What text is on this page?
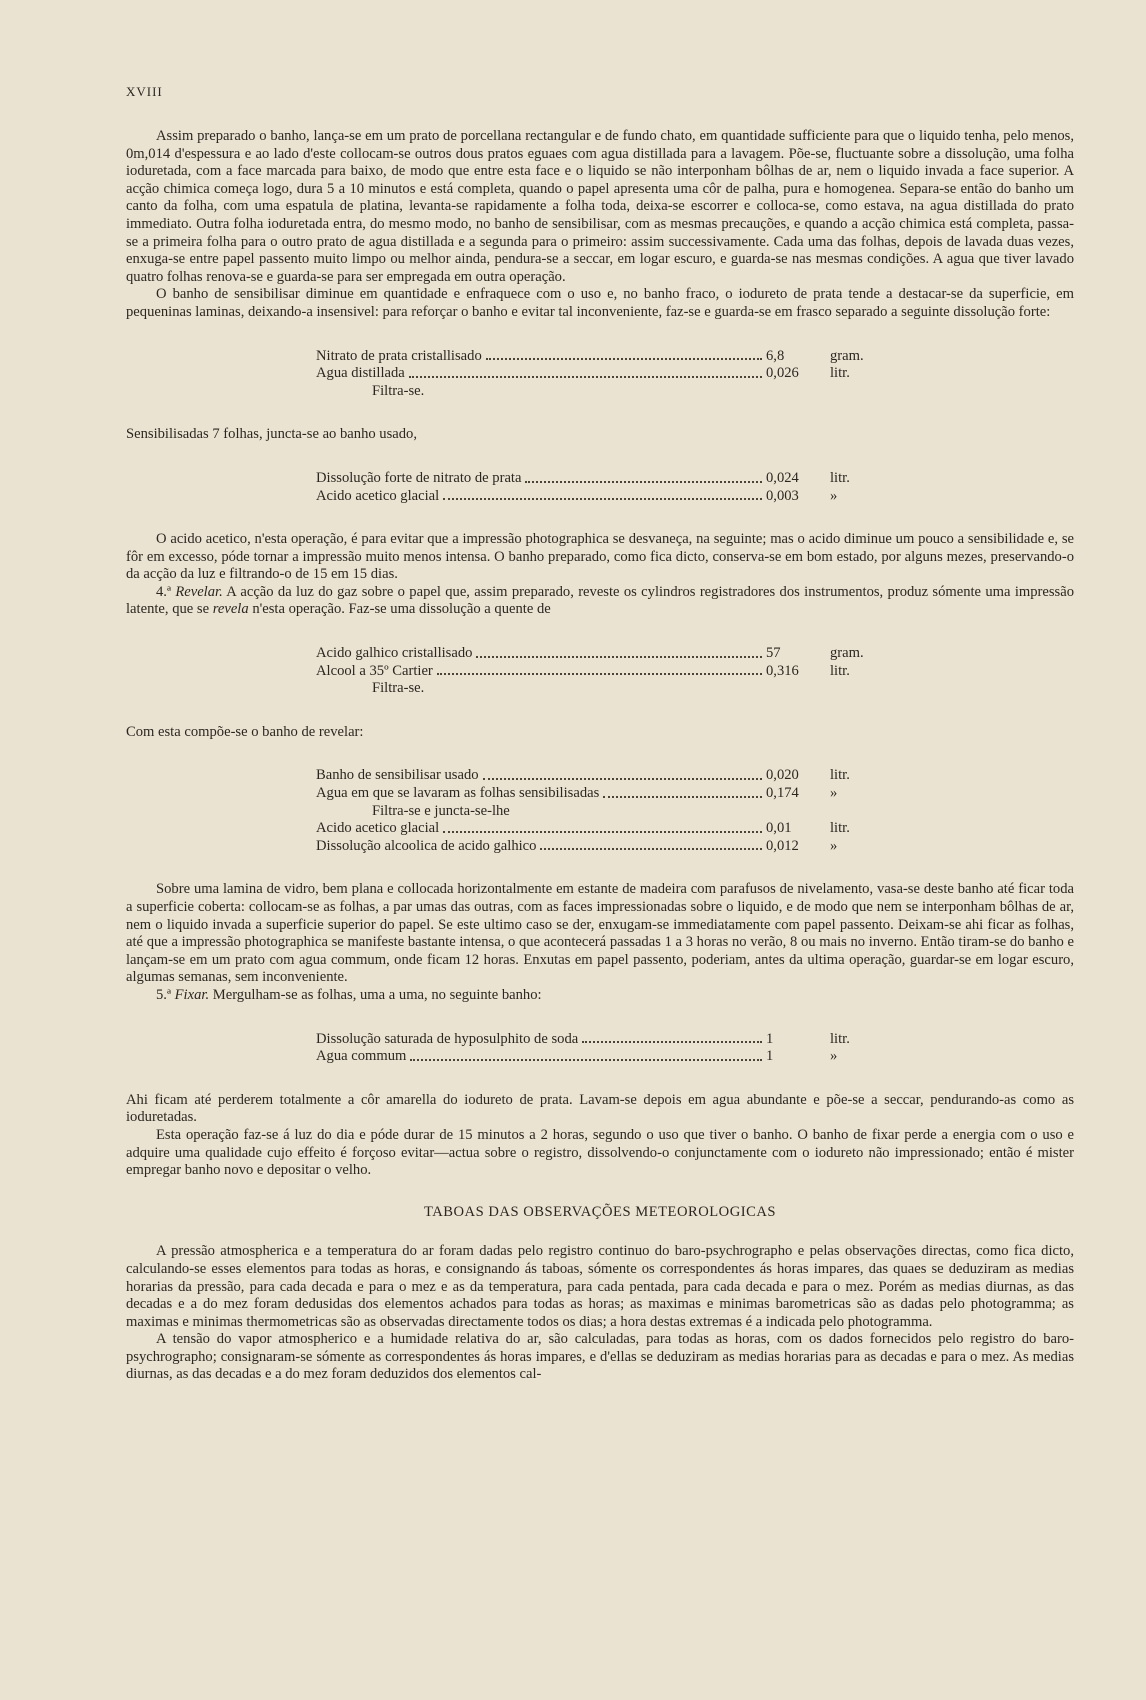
XVIII

Assim preparado o banho, lança-se em um prato de porcellana rectangular e de fundo chato, em quantidade sufficiente para que o liquido tenha, pelo menos, 0m,014 d'espessura e ao lado d'este collocam-se outros dous pratos eguaes com agua distillada para a lavagem. Põe-se, fluctuante sobre a dissolução, uma folha ioduretada, com a face marcada para baixo, de modo que entre esta face e o liquido se não interponham bôlhas de ar, nem o liquido invada a face superior. A acção chimica começa logo, dura 5 a 10 minutos e está completa, quando o papel apresenta uma côr de palha, pura e homogenea. Separa-se então do banho um canto da folha, com uma espatula de platina, levanta-se rapidamente a folha toda, deixa-se escorrer e colloca-se, como estava, na agua distillada do prato immediato. Outra folha ioduretada entra, do mesmo modo, no banho de sensibilisar, com as mesmas precauções, e quando a acção chimica está completa, passa-se a primeira folha para o outro prato de agua distillada e a segunda para o primeiro: assim successivamente. Cada uma das folhas, depois de lavada duas vezes, enxuga-se entre papel passento muito limpo ou melhor ainda, pendura-se a seccar, em logar escuro, e guarda-se nas mesmas condições. A agua que tiver lavado quatro folhas renova-se e guarda-se para ser empregada em outra operação.

O banho de sensibilisar diminue em quantidade e enfraquece com o uso e, no banho fraco, o iodureto de prata tende a destacar-se da superficie, em pequeninas laminas, deixando-a insensivel: para reforçar o banho e evitar tal inconveniente, faz-se e guarda-se em frasco separado a seguinte dissolução forte:

Nitrato de prata cristallisado	6,8	gram.
Agua distillada	0,026	litr.
Filtra-se.

Sensibilisadas 7 folhas, juncta-se ao banho usado,

Dissolução forte de nitrato de prata	0,024	litr.
Acido acetico glacial	0,003	»

O acido acetico, n'esta operação, é para evitar que a impressão photographica se desvaneça, na seguinte; mas o acido diminue um pouco a sensibilidade e, se fôr em excesso, póde tornar a impressão muito menos intensa. O banho preparado, como fica dicto, conserva-se em bom estado, por alguns mezes, preservando-o da acção da luz e filtrando-o de 15 em 15 dias.

4.ª Revelar. A acção da luz do gaz sobre o papel que, assim preparado, reveste os cylindros registradores dos instrumentos, produz sómente uma impressão latente, que se revela n'esta operação. Faz-se uma dissolução a quente de

Acido galhico cristallisado	57	gram.
Alcool a 35º Cartier	0,316	litr.
Filtra-se.

Com esta compõe-se o banho de revelar:

Banho de sensibilisar usado	0,020	litr.
Agua em que se lavaram as folhas sensibilisadas	0,174	»
Filtra-se e juncta-se-lhe
Acido acetico glacial	0,01	litr.
Dissolução alcoolica de acido galhico	0,012	»

Sobre uma lamina de vidro, bem plana e collocada horizontalmente em estante de madeira com parafusos de nivelamento, vasa-se deste banho até ficar toda a superficie coberta: collocam-se as folhas, a par umas das outras, com as faces impressionadas sobre o liquido, e de modo que nem se interponham bôlhas de ar, nem o liquido invada a superficie superior do papel. Se este ultimo caso se der, enxugam-se immediatamente com papel passento. Deixam-se ahi ficar as folhas, até que a impressão photographica se manifeste bastante intensa, o que acontecerá passadas 1 a 3 horas no verão, 8 ou mais no inverno. Então tiram-se do banho e lançam-se em um prato com agua commum, onde ficam 12 horas. Enxutas em papel passento, poderiam, antes da ultima operação, guardar-se em logar escuro, algumas semanas, sem inconveniente.

5.ª Fixar. Mergulham-se as folhas, uma a uma, no seguinte banho:

Dissolução saturada de hyposulphito de soda	1	litr.
Agua commum	1	»

Ahi ficam até perderem totalmente a côr amarella do iodureto de prata. Lavam-se depois em agua abundante e põe-se a seccar, pendurando-as como as ioduretadas.

Esta operação faz-se á luz do dia e póde durar de 15 minutos a 2 horas, segundo o uso que tiver o banho. O banho de fixar perde a energia com o uso e adquire uma qualidade cujo effeito é forçoso evitar—actua sobre o registro, dissolvendo-o conjunctamente com o iodureto não impressionado; então é mister empregar banho novo e depositar o velho.

TABOAS DAS OBSERVAÇÕES METEOROLOGICAS

A pressão atmospherica e a temperatura do ar foram dadas pelo registro continuo do baro-psychrographo e pelas observações directas, como fica dicto, calculando-se esses elementos para todas as horas, e consignando ás taboas, sómente os correspondentes ás horas impares, das quaes se deduziram as medias horarias da pressão, para cada decada e para o mez e as da temperatura, para cada pentada, para cada decada e para o mez. Porém as medias diurnas, as das decadas e a do mez foram dedusidas dos elementos achados para todas as horas; as maximas e minimas barometricas são as dadas pelo photogramma; as maximas e minimas thermometricas são as observadas directamente todos os dias; a hora destas extremas é a indicada pelo photogramma.

A tensão do vapor atmospherico e a humidade relativa do ar, são calculadas, para todas as horas, com os dados fornecidos pelo registro do baro-psychrographo; consignaram-se sómente as correspondentes ás horas impares, e d'ellas se deduziram as medias horarias para as decadas e para o mez. As medias diurnas, as das decadas e a do mez foram deduzidos dos elementos cal-
